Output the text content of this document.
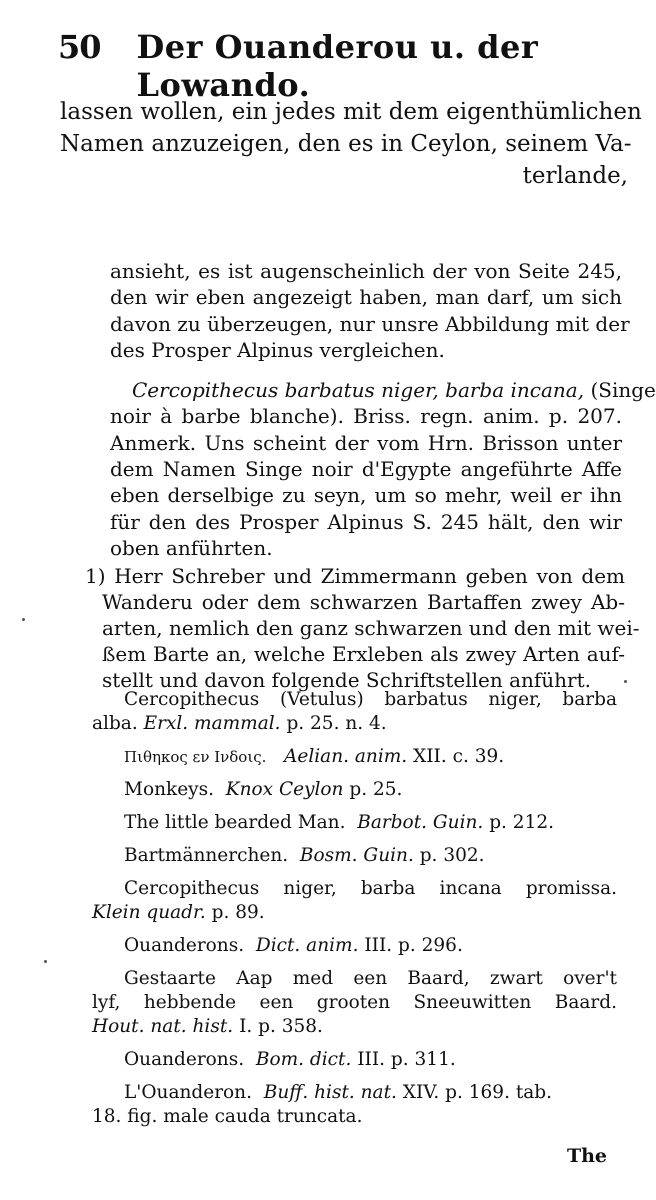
50 Der Ouanderou u. der Lowando.
lassen wollen, ein jedes mit dem eigenthümlichen
Namen anzuzeigen, den es in Ceylon, seinem Va-
terlande,
ansieht, es ist augenscheinlich der von Seite 245,
den wir eben angezeigt haben, man darf, um sich
davon zu überzeugen, nur unsre Abbildung mit der
des Prosper Alpinus vergleichen.
Cercopithecus barbatus niger, barba incana, (Singe
noir à barbe blanche). Briss. regn. anim. p. 207.
Anmerk. Uns scheint der vom Hrn. Brisson unter
dem Namen Singe noir d'Egypte angeführte Affe
eben derselbige zu seyn, um so mehr, weil er ihn
für den des Prosper Alpinus S. 245 hält, den wir
oben anführten.
1) Herr Schreber und Zimmermann geben von dem
Wanderu oder dem schwarzen Bartaffen zwey Ab-
arten, nemlich den ganz schwarzen und den mit wei-
ßem Barte an, welche Erxleben als zwey Arten auf-
stellt und davon folgende Schriftstellen anführt.
Cercopithecus (Vetulus) barbatus niger, barba
alba. Erxl. mammal. p. 25. n. 4.
Πιθηκος εν Ινδοις. Aelian. anim. XII. c. 39.
Monkeys. Knox Ceylon p. 25.
The little bearded Man. Barbot. Guin. p. 212.
Bartmännerchen. Bosm. Guin. p. 302.
Cercopithecus niger, barba incana promissa.
Klein quadr. p. 89.
Ouanderons. Dict. anim. III. p. 296.
Gestaarte Aap med een Baard, zwart over't
lyf, hebbende een grooten Sneeuwitten Baard.
Hout. nat. hist. I. p. 358.
Ouanderons. Bom. dict. III. p. 311.
L'Ouanderon. Buff. hist. nat. XIV. p. 169. tab.
18. fig. male cauda truncata.
The
